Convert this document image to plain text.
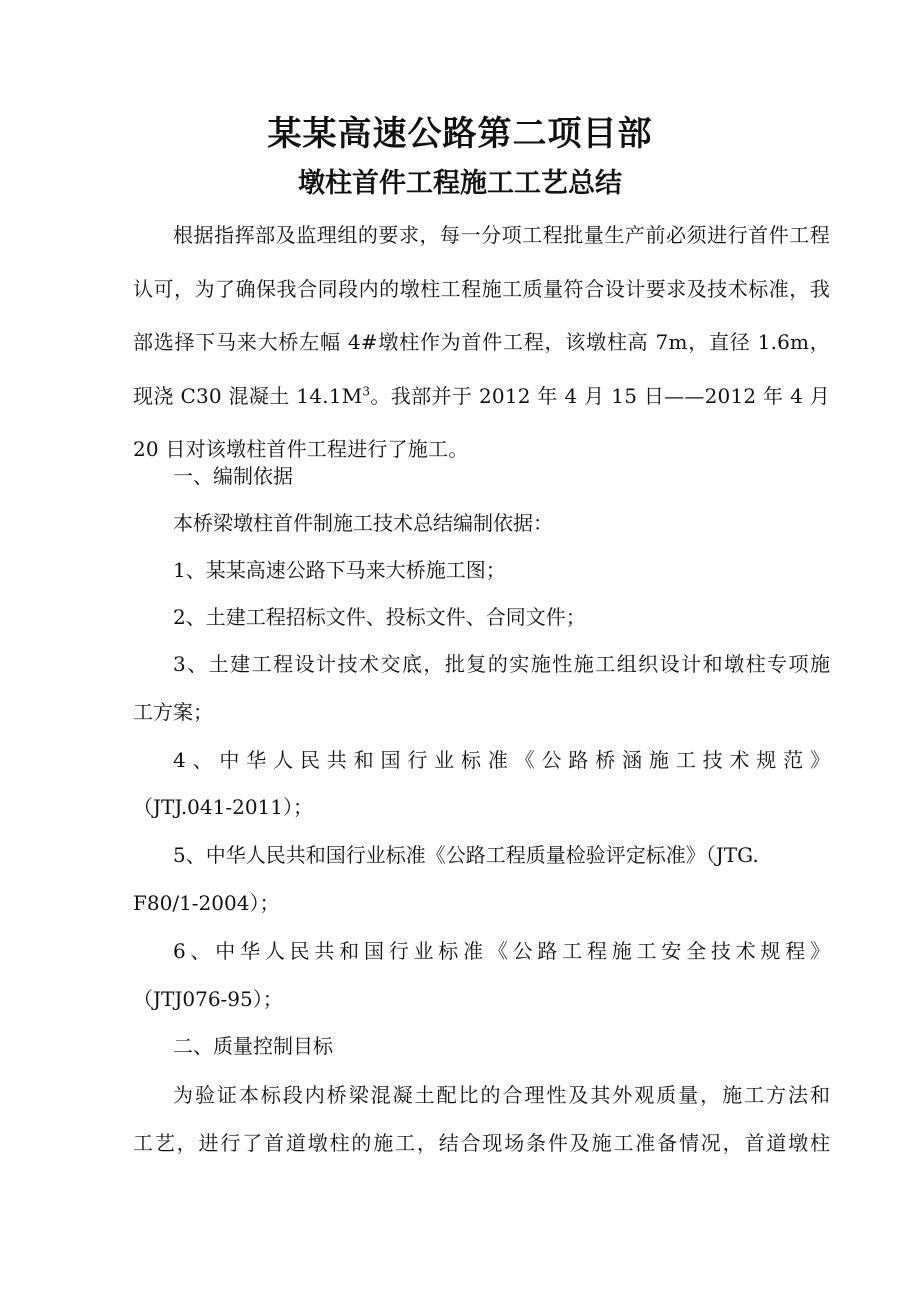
某某高速公路第二项目部
墩柱首件工程施工工艺总结

根据指挥部及监理组的要求，每一分项工程批量生产前必须进行首件工程认可，为了确保我合同段内的墩柱工程施工质量符合设计要求及技术标准，我部选择下马来大桥左幅 4#墩柱作为首件工程，该墩柱高 7m，直径 1.6m，现浇 C30 混凝土 $14.1M^3$。我部并于 2012 年 4 月 15 日——2012 年 4 月 20 日对该墩柱首件工程进行了施工。

一、编制依据
本桥梁墩柱首件制施工技术总结编制依据：
1、某某高速公路下马来大桥施工图；
2、土建工程招标文件、投标文件、合同文件；
3、土建工程设计技术交底，批复的实施性施工组织设计和墩柱专项施
工方案；
4、中华人民共和国行业标准《公路桥涵施工技术规范》
（JTJ.041-2011）；
5、中华人民共和国行业标准《公路工程质量检验评定标准》（JTG.
F80/1-2004）；
6、中华人民共和国行业标准《公路工程施工安全技术规程》
（JTJ076-95）；
二、质量控制目标
为验证本标段内桥梁混凝土配比的合理性及其外观质量，施工方法和
工艺，进行了首道墩柱的施工，结合现场条件及施工准备情况，首道墩柱
